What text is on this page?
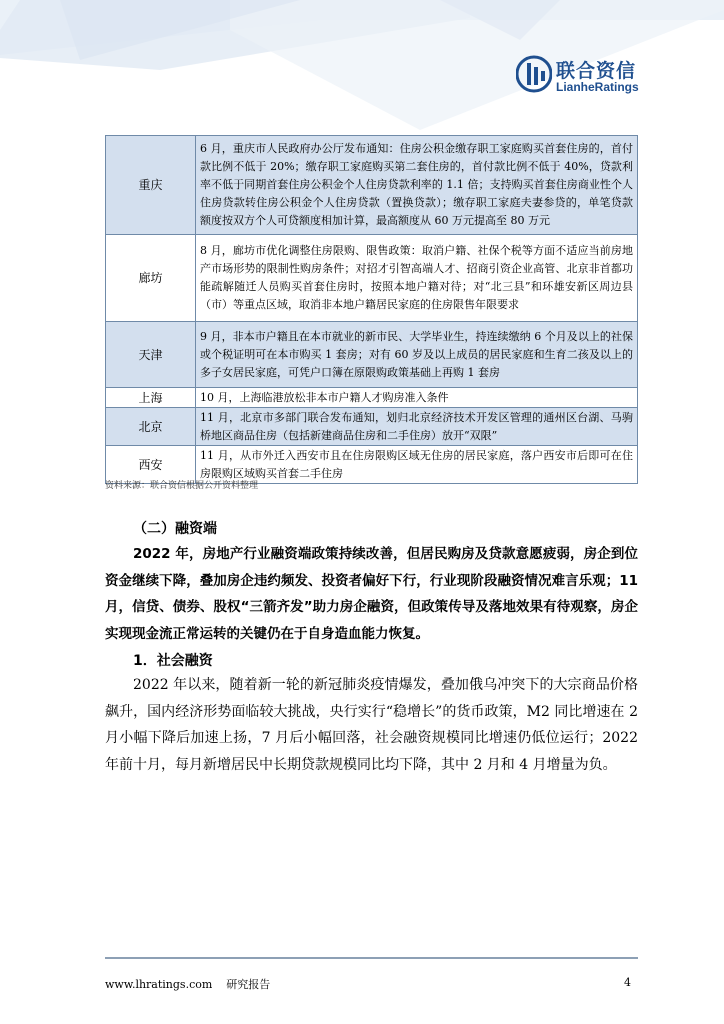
联合资信
LianheRatings
重庆	6 月，重庆市人民政府办公厅发布通知：住房公积金缴存职工家庭购买首套住房的，首付款比例不低于 20%；缴存职工家庭购买第二套住房的，首付款比例不低于 40%，贷款利率不低于同期首套住房公积金个人住房贷款利率的 1.1 倍；支持购买首套住房商业性个人住房贷款转住房公积金个人住房贷款（置换贷款）；缴存职工家庭夫妻参贷的，单笔贷款额度按双方个人可贷额度相加计算，最高额度从 60 万元提高至 80 万元
廊坊	8 月，廊坊市优化调整住房限购、限售政策：取消户籍、社保个税等方面不适应当前房地产市场形势的限制性购房条件；对招才引智高端人才、招商引资企业高管、北京非首都功能疏解随迁人员购买首套住房时，按照本地户籍对待；对“北三县”和环雄安新区周边县（市）等重点区域，取消非本地户籍居民家庭的住房限售年限要求
天津	9 月，非本市户籍且在本市就业的新市民、大学毕业生，持连续缴纳 6 个月及以上的社保或个税证明可在本市购买 1 套房；对有 60 岁及以上成员的居民家庭和生育二孩及以上的多子女居民家庭，可凭户口簿在原限购政策基础上再购 1 套房
上海	10 月，上海临港放松非本市户籍人才购房准入条件
北京	11 月，北京市多部门联合发布通知，划归北京经济技术开发区管理的通州区台湖、马驹桥地区商品住房（包括新建商品住房和二手住房）放开“双限”
西安	11 月，从市外迁入西安市且在住房限购区域无住房的居民家庭，落户西安市后即可在住房限购区域购买首套二手住房
资料来源：联合资信根据公开资料整理
（二）融资端

2022 年，房地产行业融资端政策持续改善，但居民购房及贷款意愿疲弱，房企到位资金继续下降，叠加房企违约频发、投资者偏好下行，行业现阶段融资情况难言乐观；11 月，信贷、债券、股权“三箭齐发”助力房企融资，但政策传导及落地效果有待观察，房企实现现金流正常运转的关键仍在于自身造血能力恢复。

1．社会融资

2022 年以来，随着新一轮的新冠肺炎疫情爆发，叠加俄乌冲突下的大宗商品价格飙升，国内经济形势面临较大挑战，央行实行“稳增长”的货币政策，M2 同比增速在 2 月小幅下降后加速上扬，7 月后小幅回落，社会融资规模同比增速仍低位运行；2022 年前十月，每月新增居民中长期贷款规模同比均下降，其中 2 月和 4 月增量为负。

www.lhratings.com 研究报告	4
